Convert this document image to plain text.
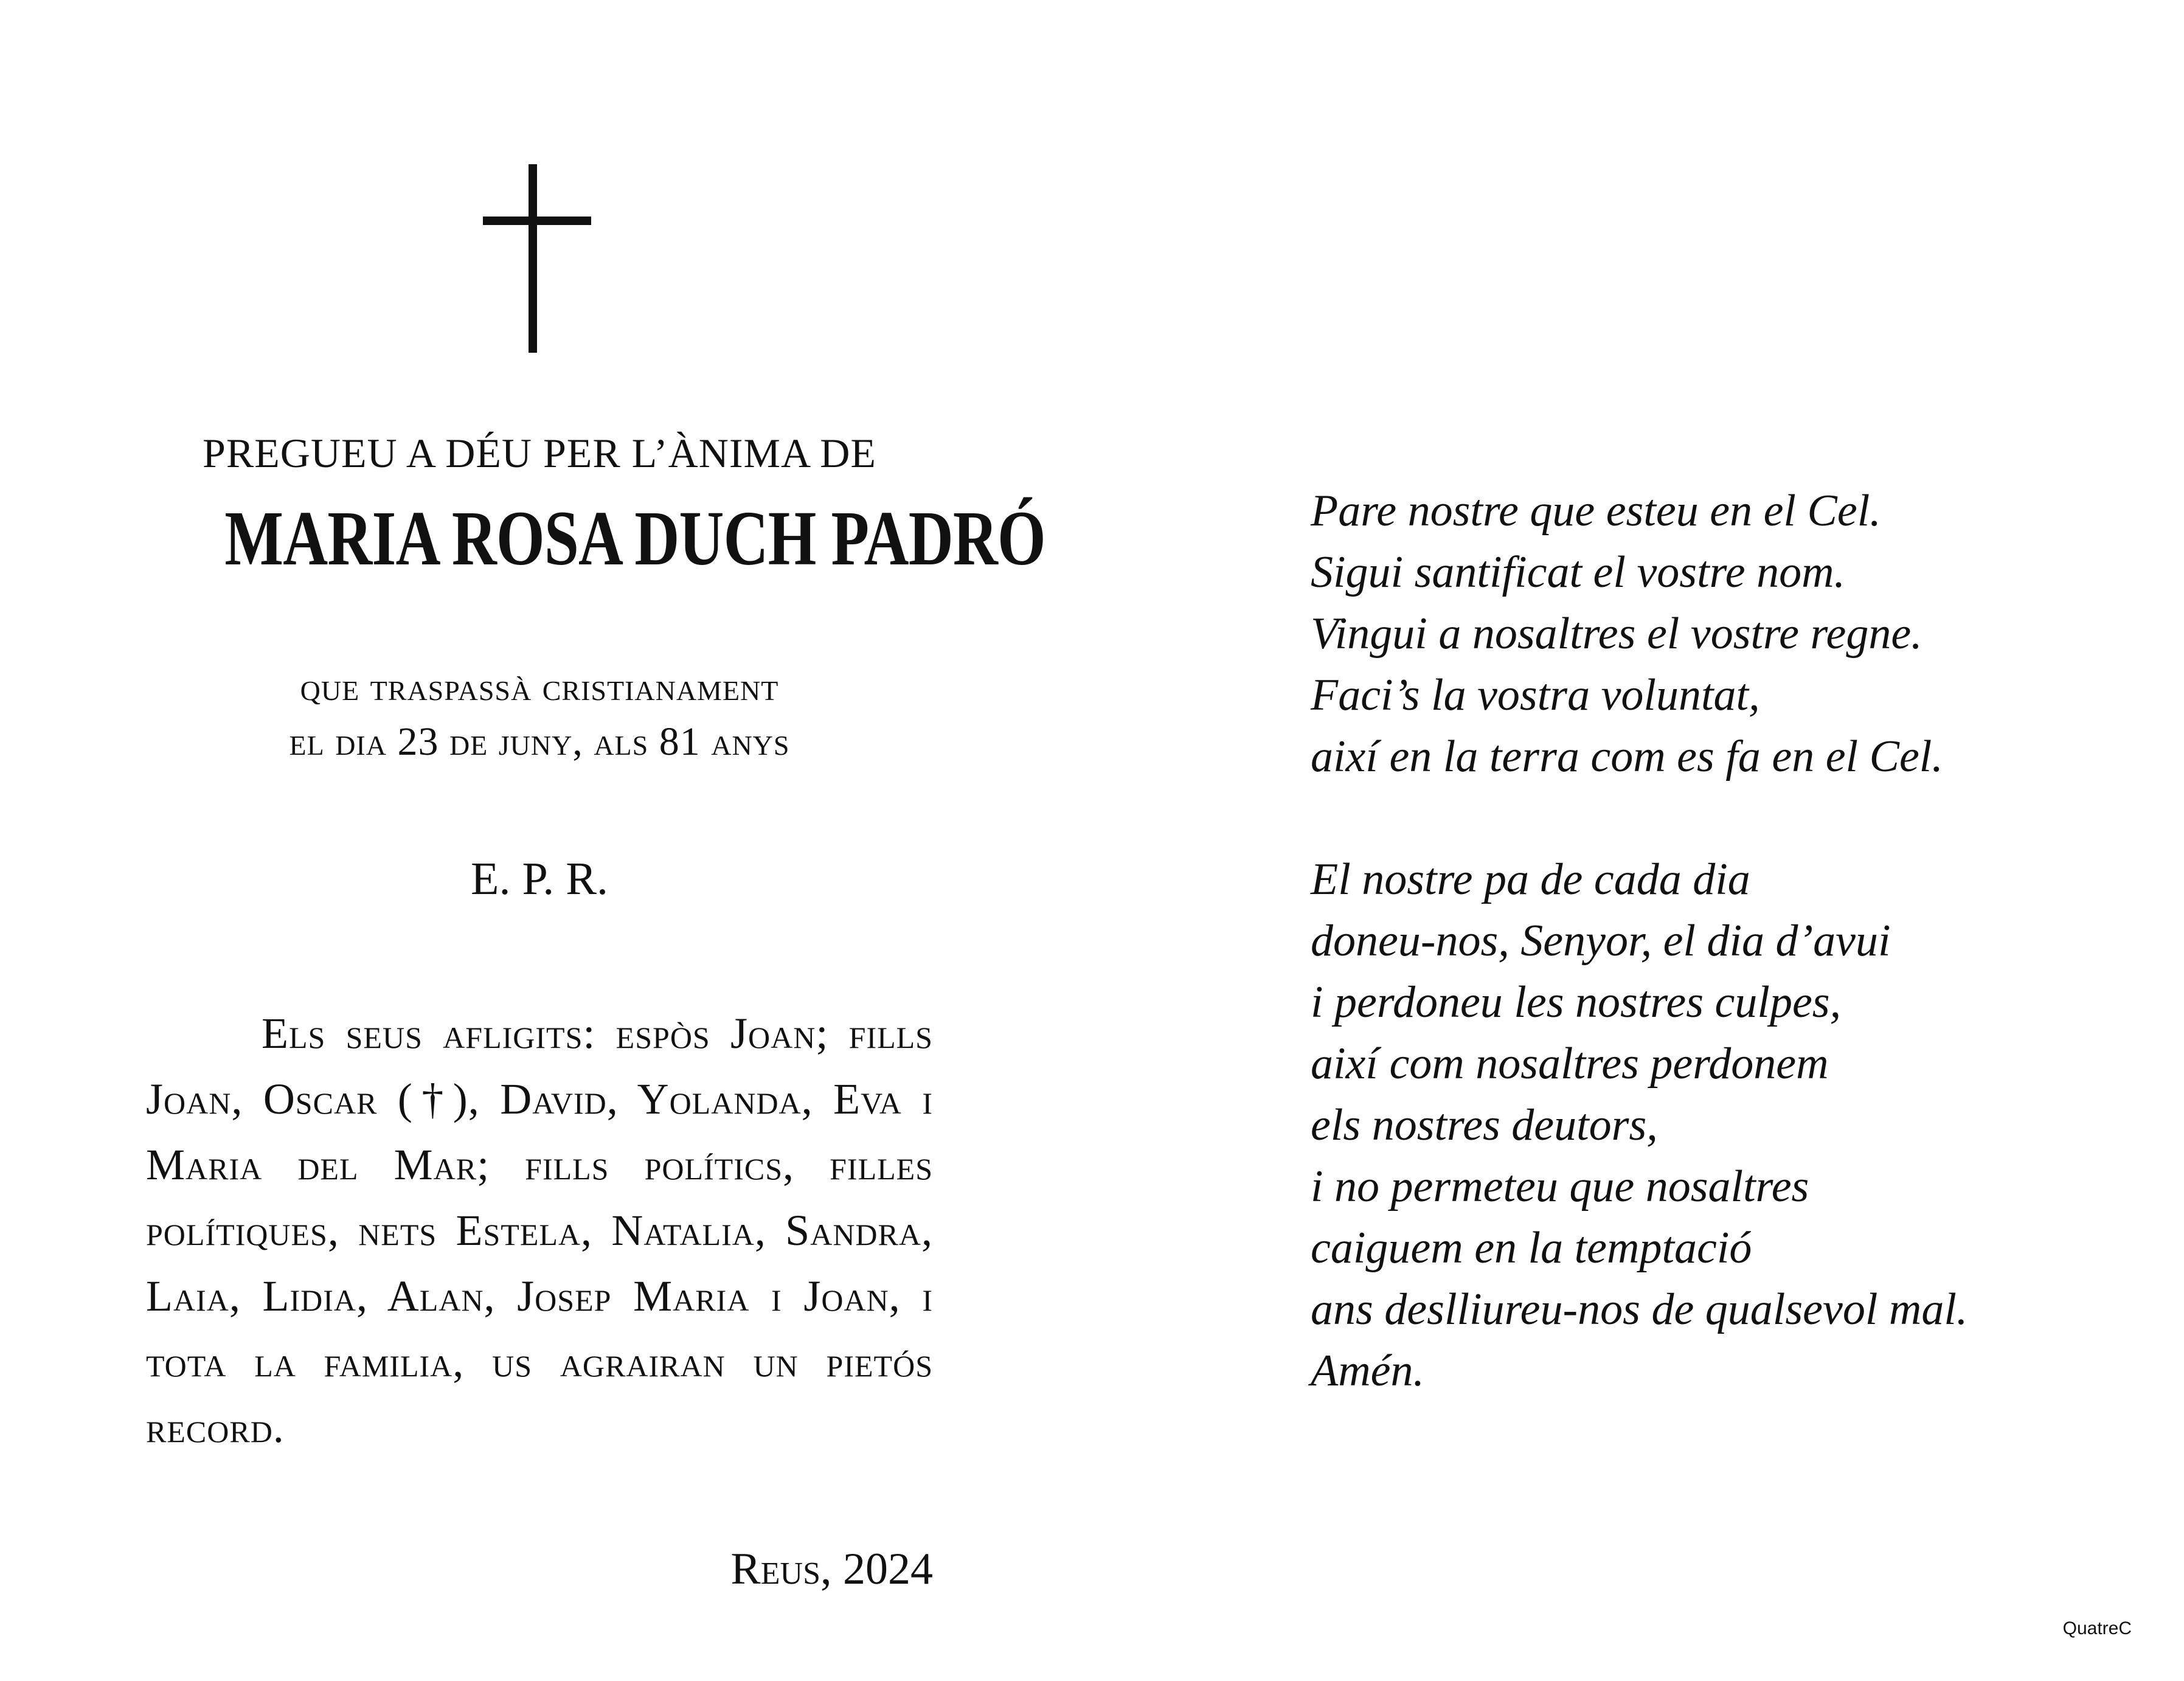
PREGUEU A DÉU PER L’ÀNIMA DE
MARIA ROSA DUCH PADRÓ

que traspassà cristianament
el dia 23 de juny, als 81 anys

E. P. R.

Els seus afligits: espòs Joan; fills Joan, Oscar (†), David, Yolanda, Eva i Maria del Mar; fills polítics, filles polítiques, nets Estela, Natalia, Sandra, Laia, Lidia, Alan, Josep Maria i Joan, i tota la familia, us agrairan un pietós record.

Reus, 2024

Pare nostre que esteu en el Cel.
Sigui santificat el vostre nom.
Vingui a nosaltres el vostre regne.
Faci’s la vostra voluntat,
així en la terra com es fa en el Cel.

El nostre pa de cada dia
doneu-nos, Senyor, el dia d’avui
i perdoneu les nostres culpes,
així com nosaltres perdonem
els nostres deutors,
i no permeteu que nosaltres
caiguem en la temptació
ans deslliureu-nos de qualsevol mal.
Amén.

QuatreC
